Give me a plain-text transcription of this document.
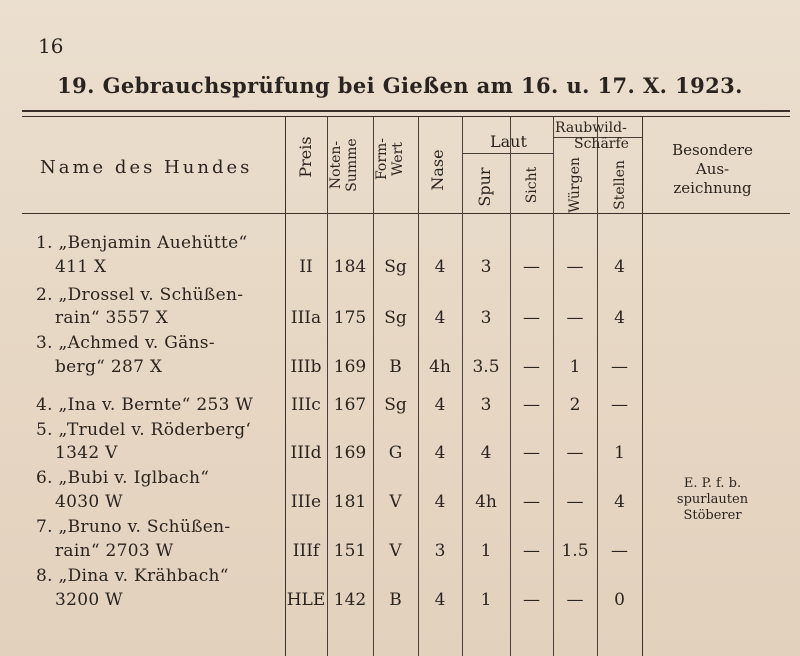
16
19. Gebrauchsprüfung bei Gießen am 16. u. 17. X. 1923.
Name des Hundes	Preis Noten- Summe Form- Wert Nase
Laut
Spur Sicht
Raubwild-
Schärfe
Würgen Stellen
Besondere
Aus-
zeichnung
1. „Benjamin Auehütte“
411 X	II	184	Sg	4	3	—	—	4
2. „Drossel v. Schüßen-
rain“ 3557 X	IIIa 175	Sg	4	3	—	—	4
3. „Achmed v. Gäns-
berg“ 287 X	IIIb 169	B	4h	3.5	—	1	—
4. „Ina v. Bernte“ 253 W	IIIc 167	Sg	4	3	—	2	—
5. „Trudel v. Röderberg‘
1342 V	IIId 169	G	4	4	—	—	1
6. „Bubi v. Iglbach“
4030 W	IIIe 181	V	4	4h	—	—	4
7. „Bruno v. Schüßen-
rain“ 2703 W	IIIf 151	V	3	1	—	1.5	—
8. „Dina v. Krähbach“
3200 W	HLE 142	B	4	1	—	—	0
E. P. f. b.
spurlauten
Stöberer
